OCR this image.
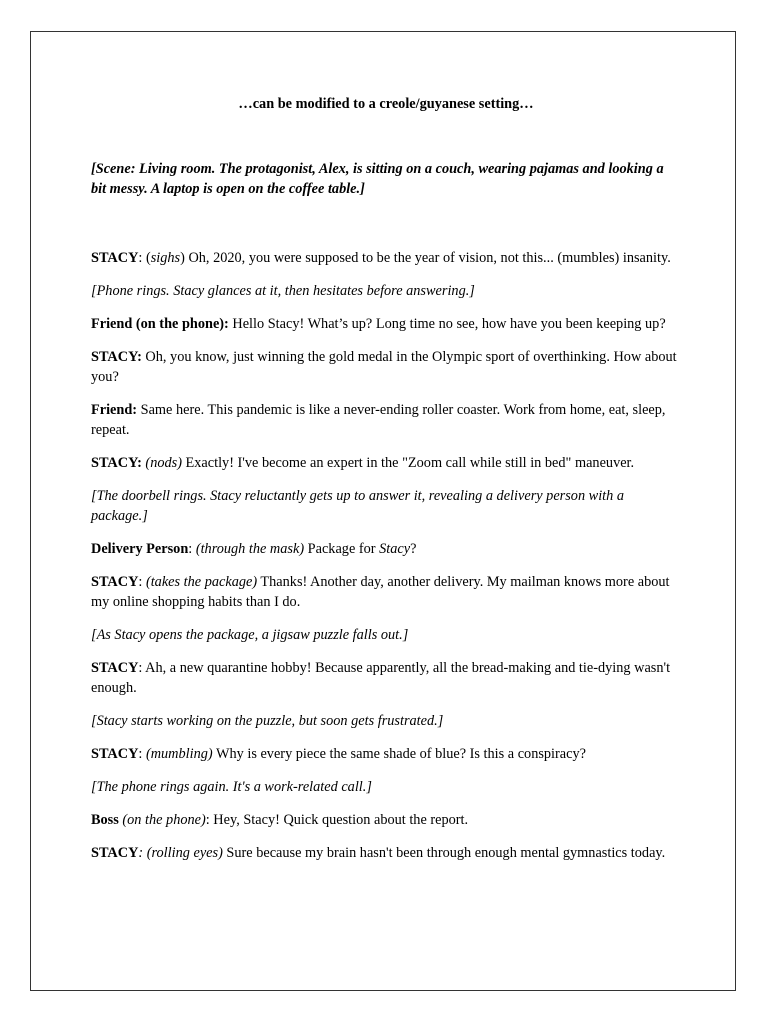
…can be modified to a creole/guyanese setting…

[Scene: Living room. The protagonist, Alex, is sitting on a couch, wearing pajamas and looking a bit messy. A laptop is open on the coffee table.]

STACY: (sighs) Oh, 2020, you were supposed to be the year of vision, not this... (mumbles) insanity.

[Phone rings. Stacy glances at it, then hesitates before answering.]

Friend (on the phone): Hello Stacy! What’s up? Long time no see, how have you been keeping up?

STACY: Oh, you know, just winning the gold medal in the Olympic sport of overthinking. How about you?

Friend: Same here. This pandemic is like a never-ending roller coaster. Work from home, eat, sleep, repeat.

STACY: (nods) Exactly! I've become an expert in the "Zoom call while still in bed" maneuver.

[The doorbell rings. Stacy reluctantly gets up to answer it, revealing a delivery person with a package.]

Delivery Person: (through the mask) Package for Stacy?

STACY: (takes the package) Thanks! Another day, another delivery. My mailman knows more about my online shopping habits than I do.

[As Stacy opens the package, a jigsaw puzzle falls out.]

STACY: Ah, a new quarantine hobby! Because apparently, all the bread-making and tie-dying wasn't enough.

[Stacy starts working on the puzzle, but soon gets frustrated.]

STACY: (mumbling) Why is every piece the same shade of blue? Is this a conspiracy?

[The phone rings again. It's a work-related call.]

Boss (on the phone): Hey, Stacy! Quick question about the report.

STACY: (rolling eyes) Sure because my brain hasn't been through enough mental gymnastics today.
